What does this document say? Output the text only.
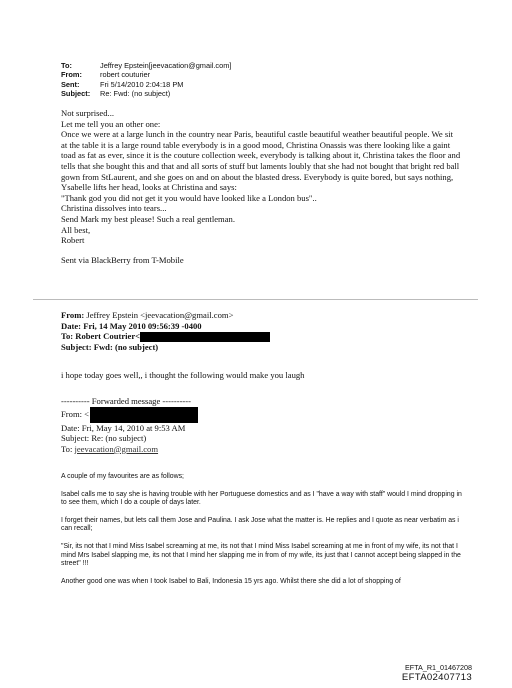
To:	Jeffrey Epstein[jeevacation@gmail.com]
From:	robert couturier
Sent:	Fri 5/14/2010 2:04:18 PM
Subject:	Re: Fwd: (no subject)

Not surprised...

Let me tell you an other one:

Once we were at a large lunch in the country near Paris, beautiful castle beautiful weather beautiful people. We sit at the table it is a large round table everybody is in a good mood, Christina Onassis was there looking like a gaint toad as fat as ever, since it is the couture collection week, everybody is talking about it, Christina takes the floor and tells that she bought this and that and all sorts of stuff but laments loubly that she had not bought that bright red ball gown from StLaurent, and she goes on and on about the blasted dress. Everybody is quite bored, but says nothing, Ysabelle lifts her head, looks at Christina and says:

"Thank god you did not get it you would have looked like a London bus"..

Christina dissolves into tears...

Send Mark my best please! Such a real gentleman.

All best,

Robert

Sent via BlackBerry from T-Mobile

From: Jeffrey Epstein <jeevacation@gmail.com>
Date: Fri, 14 May 2010 09:56:39 -0400
To: Robert Coutrier<
Subject: Fwd: (no subject)
i hope today goes well,, i thought the following would make you laugh
---------- Forwarded message ----------
From: <
Date: Fri, May 14, 2010 at 9:53 AM
Subject: Re: (no subject)
To: jeevacation@gmail.com

A couple of my favourites are as follows;

Isabel calls me to say she is having trouble with her Portuguese domestics and as I "have a way with staff" would I mind dropping in to see them, which I do a couple of days later.

I forget their names, but lets call them Jose and Paulina. I ask Jose what the matter is. He replies and I quote as near verbatim as i can recall;

"Sir, its not that I mind Miss Isabel screaming at me, its not that I mind Miss Isabel screaming at me in front of my wife, its not that I mind Mrs Isabel slapping me, its not that I mind her slapping me in from of my wife, its just that I cannot accept being slapped in the street" !!!

Another good one was when I took Isabel to Bali, Indonesia 15 yrs ago. Whilst there she did a lot of shopping of

EFTA_R1_01467208
EFTA02407713
